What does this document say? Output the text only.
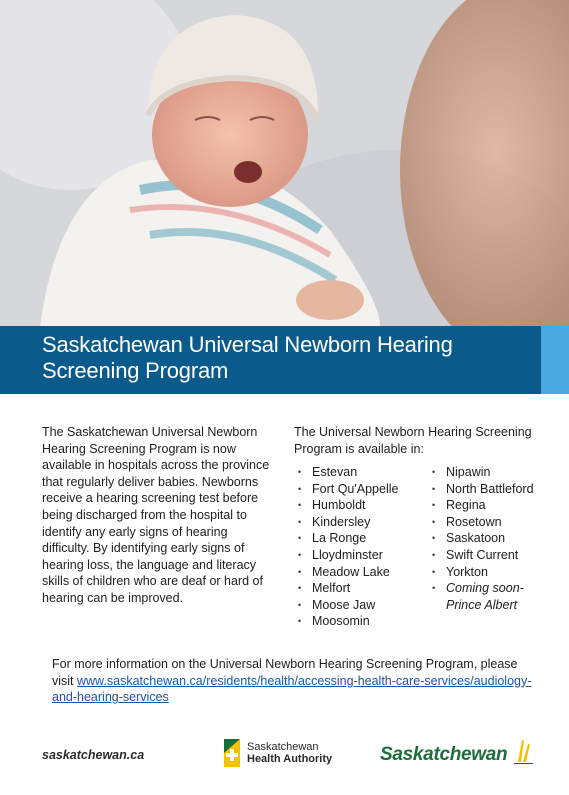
Saskatchewan Universal Newborn Hearing Screening Program

The Saskatchewan Universal Newborn Hearing Screening Program is now available in hospitals across the province that regularly deliver babies. Newborns receive a hearing screening test before being discharged from the hospital to identify any early signs of hearing difficulty. By identifying early signs of hearing loss, the language and literacy skills of children who are deaf or hard of hearing can be improved.

The Universal Newborn Hearing Screening Program is available in:

• Estevan
• Fort Qu'Appelle
• Humboldt
• Kindersley
• La Ronge
• Lloydminster
• Meadow Lake
• Melfort
• Moose Jaw
• Moosomin
• Nipawin
• North Battleford
• Regina
• Rosetown
• Saskatoon
• Swift Current
• Yorkton
• Coming soon- Prince Albert

For more information on the Universal Newborn Hearing Screening Program, please visit www.saskatchewan.ca/residents/health/accessing-health-care-services/audiology-and-hearing-services

saskatchewan.ca
Saskatchewan
Health Authority	Saskatchewan
